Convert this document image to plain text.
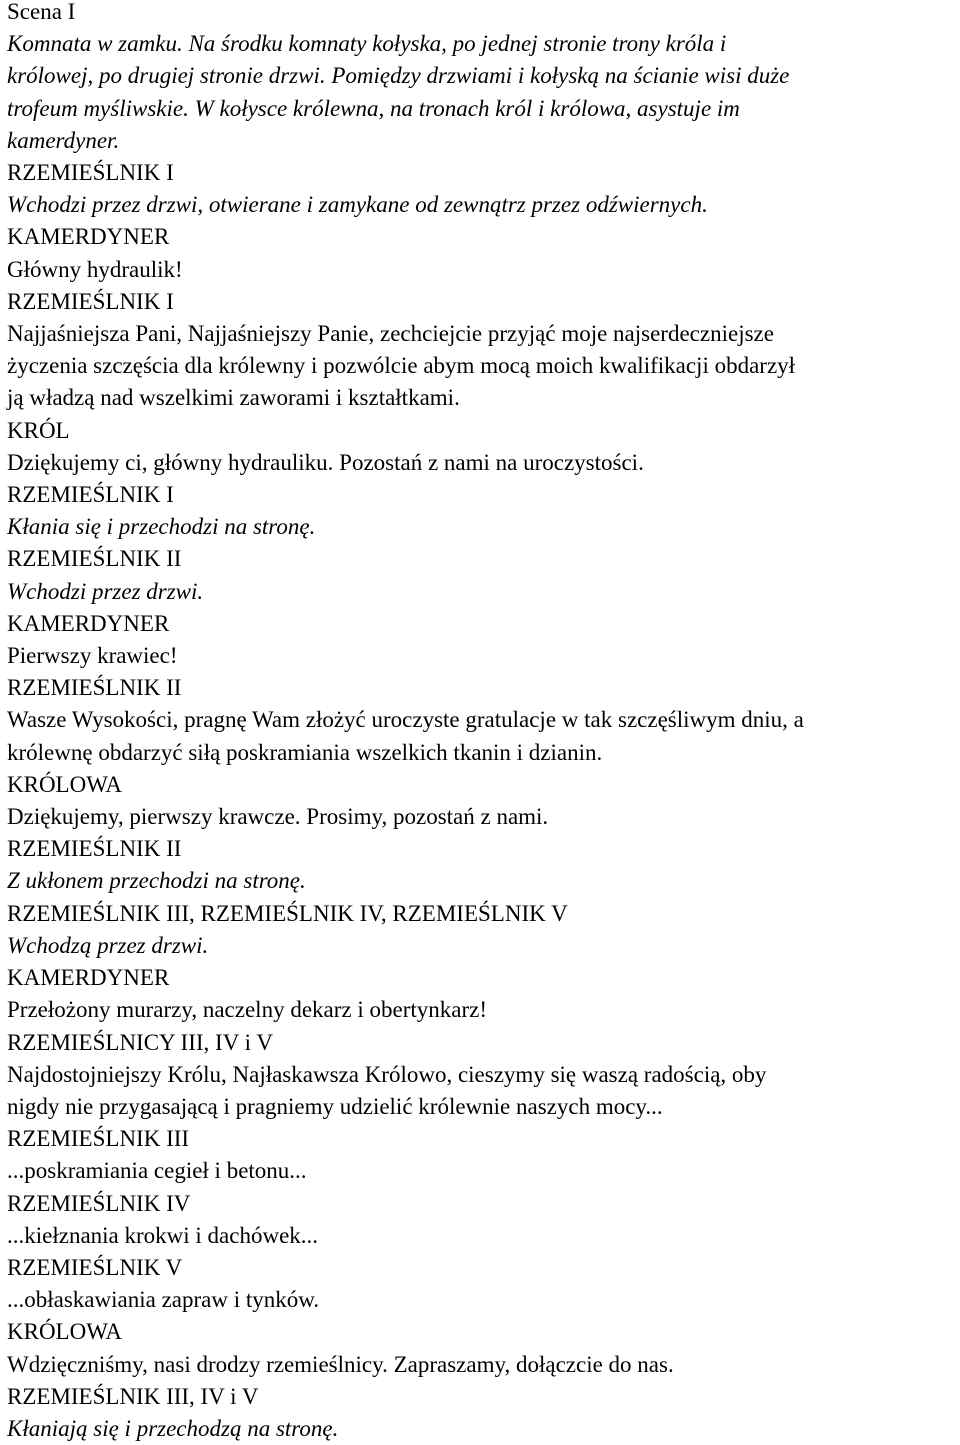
Scena I

Komnata w zamku. Na środku komnaty kołyska, po jednej stronie trony króla i
królowej, po drugiej stronie drzwi. Pomiędzy drzwiami i kołyską na ścianie wisi duże
trofeum myśliwskie. W kołysce królewna, na tronach król i królowa, asystuje im
kamerdyner.

RZEMIEŚLNIK I

Wchodzi przez drzwi, otwierane i zamykane od zewnątrz przez odźwiernych.

KAMERDYNER

Główny hydraulik!

RZEMIEŚLNIK I

Najjaśniejsza Pani, Najjaśniejszy Panie, zechciejcie przyjąć moje najserdeczniejsze
życzenia szczęścia dla królewny i pozwólcie abym mocą moich kwalifikacji obdarzył
ją władzą nad wszelkimi zaworami i kształtkami.

KRÓL

Dziękujemy ci, główny hydrauliku. Pozostań z nami na uroczystości.

RZEMIEŚLNIK I

Kłania się i przechodzi na stronę.

RZEMIEŚLNIK II

Wchodzi przez drzwi.

KAMERDYNER

Pierwszy krawiec!

RZEMIEŚLNIK II

Wasze Wysokości, pragnę Wam złożyć uroczyste gratulacje w tak szczęśliwym dniu, a
królewnę obdarzyć siłą poskramiania wszelkich tkanin i dzianin.

KRÓLOWA

Dziękujemy, pierwszy krawcze. Prosimy, pozostań z nami.

RZEMIEŚLNIK II

Z ukłonem przechodzi na stronę.

RZEMIEŚLNIK III, RZEMIEŚLNIK IV, RZEMIEŚLNIK V

Wchodzą przez drzwi.

KAMERDYNER

Przełożony murarzy, naczelny dekarz i obertynkarz!

RZEMIEŚLNICY III, IV i V

Najdostojniejszy Królu, Najłaskawsza Królowo, cieszymy się waszą radością, oby
nigdy nie przygasającą i pragniemy udzielić królewnie naszych mocy...

RZEMIEŚLNIK III

...poskramiania cegieł i betonu...

RZEMIEŚLNIK IV

...kiełznania krokwi i dachówek...

RZEMIEŚLNIK V

...obłaskawiania zapraw i tynków.

KRÓLOWA

Wdzięczniśmy, nasi drodzy rzemieślnicy. Zapraszamy, dołączcie do nas.

RZEMIEŚLNIK III, IV i V

Kłaniają się i przechodzą na stronę.
